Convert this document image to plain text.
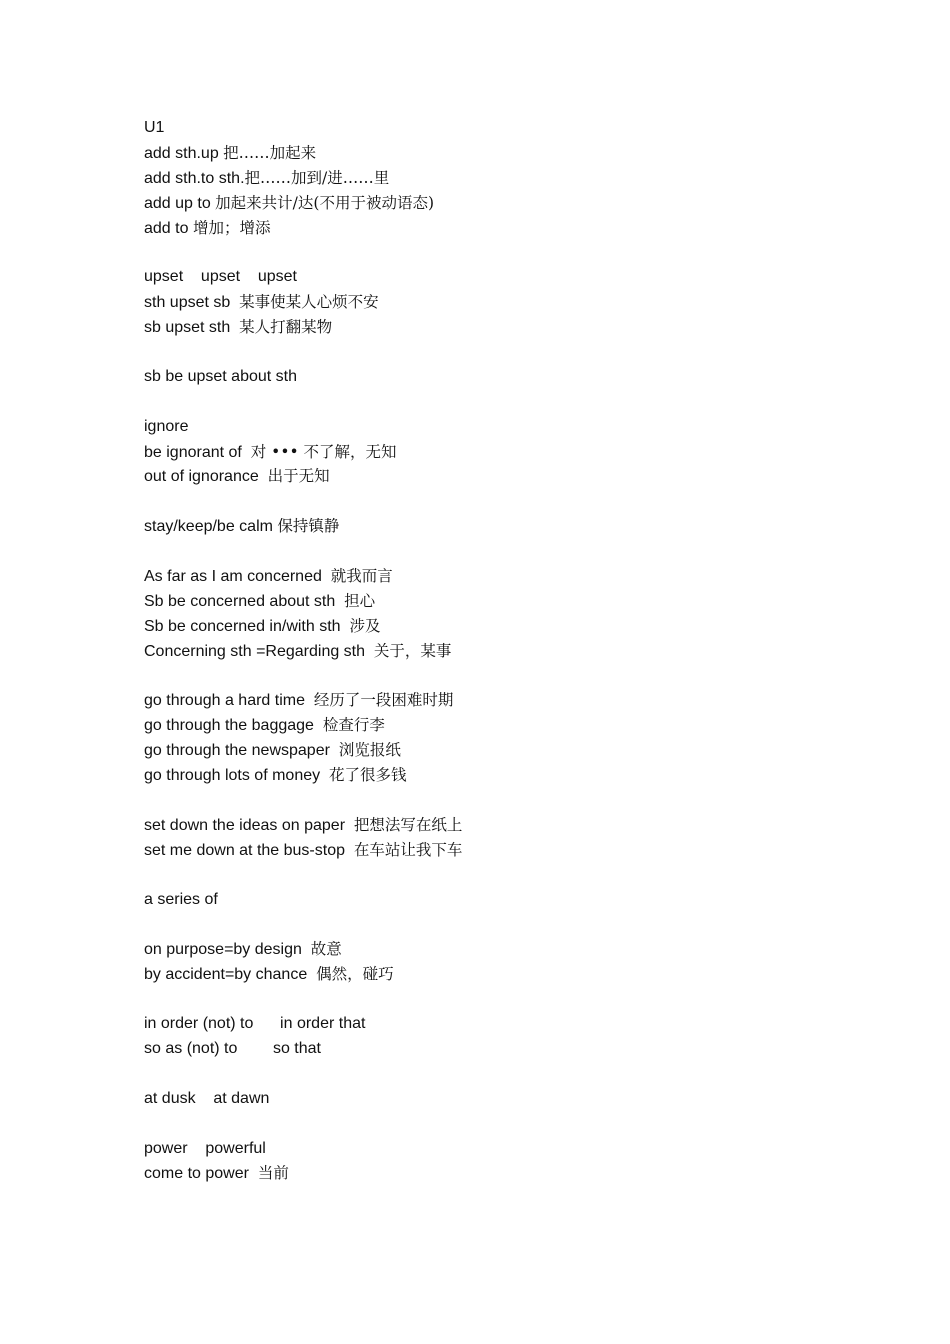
U1
add sth.up 把……加起来
add sth.to sth.把……加到/进……里
add up to 加起来共计/达(不用于被动语态)
add to 增加；增添
upset    upset    upset
sth upset sb  某事使某人心烦不安
sb upset sth  某人打翻某物
sb be upset about sth
ignore
be ignorant of  对 ••• 不了解，无知
out of ignorance  出于无知
stay/keep/be calm 保持镇静
As far as I am concerned  就我而言
Sb be concerned about sth  担心
Sb be concerned in/with sth  涉及
Concerning sth =Regarding sth  关于，某事
go through a hard time  经历了一段困难时期
go through the baggage  检查行李
go through the newspaper  浏览报纸
go through lots of money  花了很多钱
set down the ideas on paper  把想法写在纸上
set me down at the bus-stop  在车站让我下车
a series of
on purpose=by design  故意
by accident=by chance  偶然，碰巧
in order (not) to      in order that
so as (not) to        so that
at dusk    at dawn
power    powerful
come to power  当前
